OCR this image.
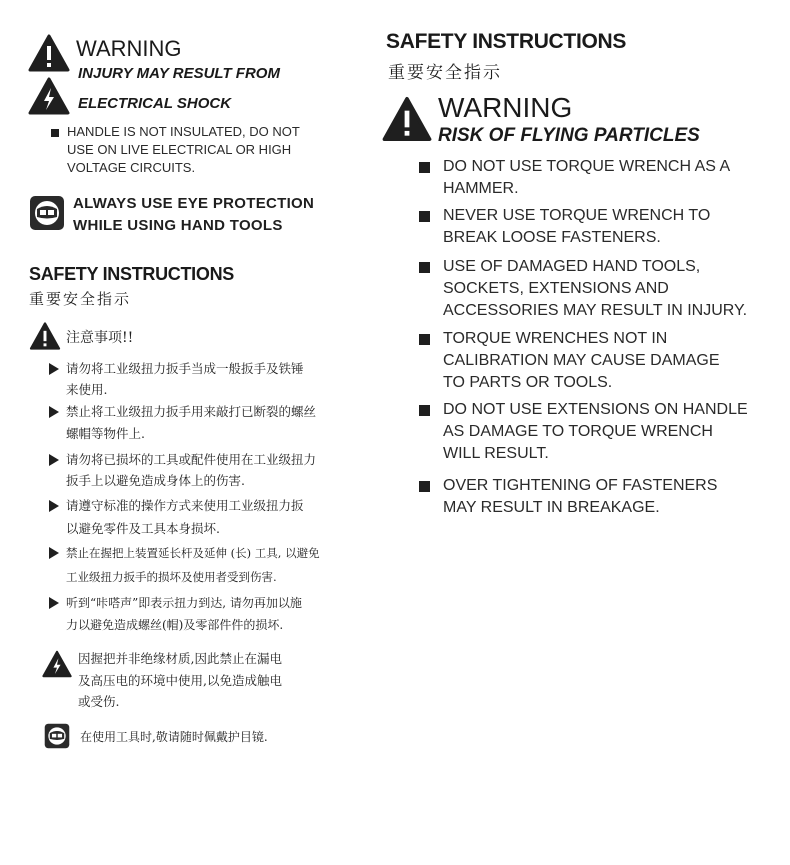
WARNING
INJURY MAY RESULT FROM
ELECTRICAL SHOCK
HANDLE IS NOT INSULATED, DO NOT
USE ON LIVE ELECTRICAL OR HIGH
VOLTAGE CIRCUITS.
ALWAYS USE EYE PROTECTION
WHILE USING HAND TOOLS
SAFETY INSTRUCTIONS
重要安全指示
注意事项!!
请勿将工业级扭力扳手当成一般扳手及铁锤
来使用.
禁止将工业级扭力扳手用来敲打已断裂的螺丝
螺帽等物件上.
请勿将已损坏的工具或配件使用在工业级扭力
扳手上以避免造成身体上的伤害.
请遵守标准的操作方式来使用工业级扭力扳
以避免零件及工具本身损坏.
禁止在握把上装置延长杆及延伸 (长) 工具, 以避免
工业级扭力扳手的损坏及使用者受到伤害.
听到“咔嗒声”即表示扭力到达, 请勿再加以施
力以避免造成螺丝(帽)及零部件件的损坏.
因握把并非绝缘材质,因此禁止在漏电
及高压电的环境中使用,以免造成触电
或受伤.
在使用工具时,敬请随时佩戴护目镜.
SAFETY INSTRUCTIONS
重要安全指示
WARNING
RISK OF FLYING PARTICLES
DO NOT USE TORQUE WRENCH AS A
HAMMER.
NEVER USE TORQUE WRENCH TO
BREAK LOOSE FASTENERS.
USE OF DAMAGED HAND TOOLS,
SOCKETS, EXTENSIONS AND
ACCESSORIES MAY RESULT IN INJURY.
TORQUE WRENCHES NOT IN
CALIBRATION MAY CAUSE DAMAGE
TO PARTS OR TOOLS.
DO NOT USE EXTENSIONS ON HANDLE
AS DAMAGE TO TORQUE WRENCH
WILL RESULT.
OVER TIGHTENING OF FASTENERS
MAY RESULT IN BREAKAGE.
